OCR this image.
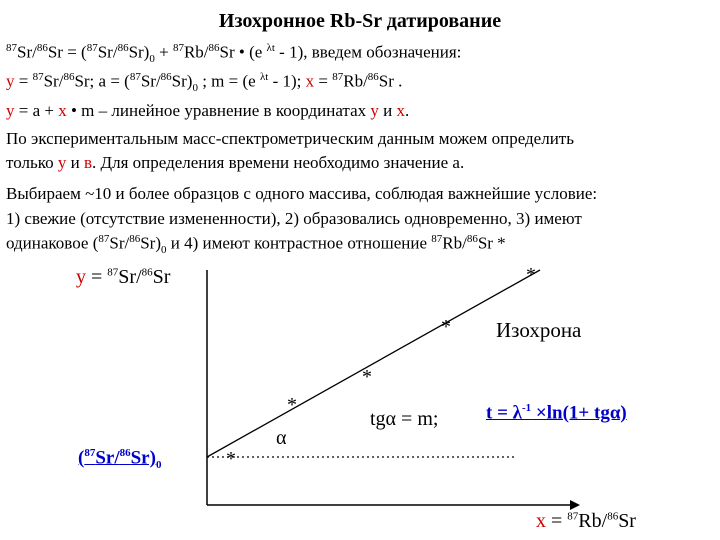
Изохронное Rb-Sr датирование
$^{87}Sr/^{86}Sr = (^{87}Sr/^{86}Sr)_0 + ^{87}Rb/^{86}Sr$ • (e $^{\lambda t}$ - 1), введем обозначения:
y = $^{87}$Sr/$^{86}$Sr; $a = (^{87}Sr/^{86}Sr)_0$ ; m = (e $^{\lambda t}$ - 1); x = $^{87}$Rb/$^{86}$Sr .
y = a + x • m – линейное уравнение в координатах y и x.
По экспериментальным масс-спектрометрическим данным можем определить
только у и в. Для определения времени необходимо значение а.
Выбираем ~10 и более образцов с одного массива, соблюдая важнейшие условие:
1) свежие (отсутствие измененности), 2) образовались одновременно, 3) имеют
одинаковое $(^{87}Sr/^{86}Sr)_0$ и 4) имеют контрастное отношение $^{87}$Rb/$^{86}$Sr *
y = $^{87}$Sr/$^{86}$Sr	*
*
*
*
*
Изохрона
α
tgα = m;	$t = \lambda^{-1} \times\ln(1+ tg\alpha)$
$(^{87}Sr/^{86}Sr)_0$
x = $^{87}$Rb/$^{86}$Sr
